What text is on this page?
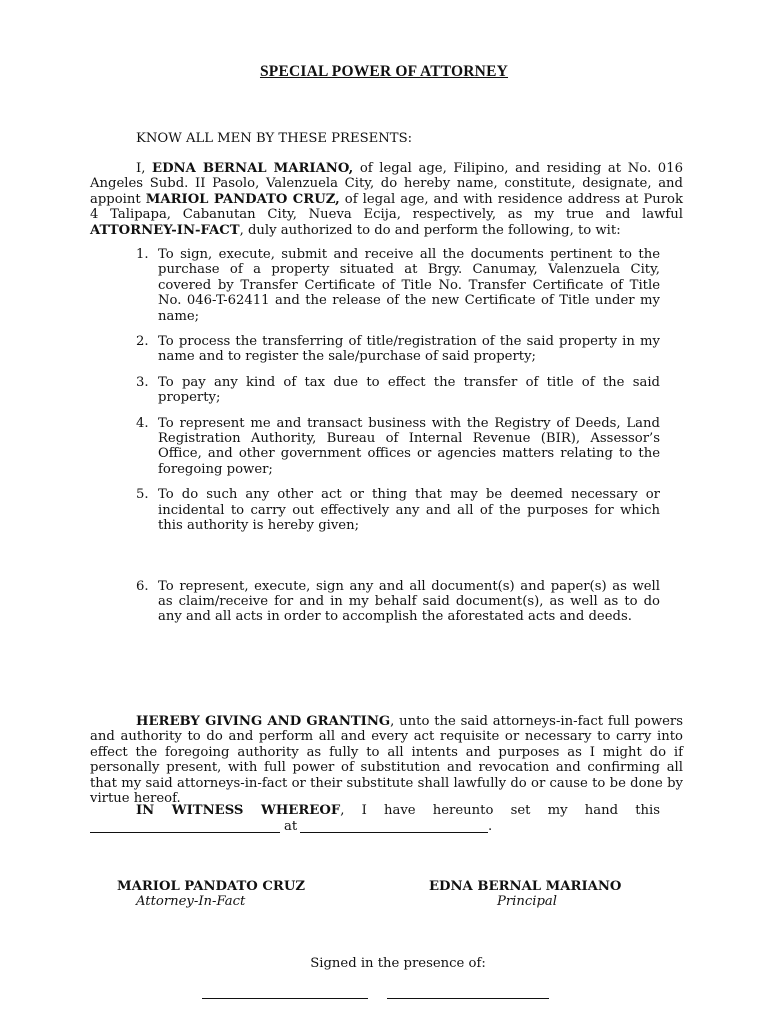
SPECIAL POWER OF ATTORNEY
KNOW ALL MEN BY THESE PRESENTS:
I, EDNA BERNAL MARIANO, of legal age, Filipino, and residing at No. 016 Angeles Subd. II Pasolo, Valenzuela City, do hereby name, constitute, designate, and appoint MARIOL PANDATO CRUZ, of legal age, and with residence address at Purok 4 Talipapa, Cabanutan City, Nueva Ecija, respectively, as my true and lawful ATTORNEY-IN-FACT, duly authorized to do and perform the following, to wit:
1. To sign, execute, submit and receive all the documents pertinent to the purchase of a property situated at Brgy. Canumay, Valenzuela City, covered by Transfer Certificate of Title No. Transfer Certificate of Title No. 046-T-62411 and the release of the new Certificate of Title under my name;
2. To process the transferring of title/registration of the said property in my name and to register the sale/purchase of said property;
3. To pay any kind of tax due to effect the transfer of title of the said property;
4. To represent me and transact business with the Registry of Deeds, Land Registration Authority, Bureau of Internal Revenue (BIR), Assessor’s Office, and other government offices or agencies matters relating to the foregoing power;
5. To do such any other act or thing that may be deemed necessary or incidental to carry out effectively any and all of the purposes for which this authority is hereby given;
6. To represent, execute, sign any and all document(s) and paper(s) as well as claim/receive for and in my behalf said document(s), as well as to do any and all acts in order to accomplish the aforestated acts and deeds.
HEREBY GIVING AND GRANTING, unto the said attorneys-in-fact full powers and authority to do and perform all and every act requisite or necessary to carry into effect the foregoing authority as fully to all intents and purposes as I might do if personally present, with full power of substitution and revocation and confirming all that my said attorneys-in-fact or their substitute shall lawfully do or cause to be done by virtue hereof.
IN WITNESS WHEREOF, I have hereunto set my hand this
at	.
MARIOL PANDATO CRUZ
Attorney-In-Fact
EDNA BERNAL MARIANO
Principal
Signed in the presence of:
